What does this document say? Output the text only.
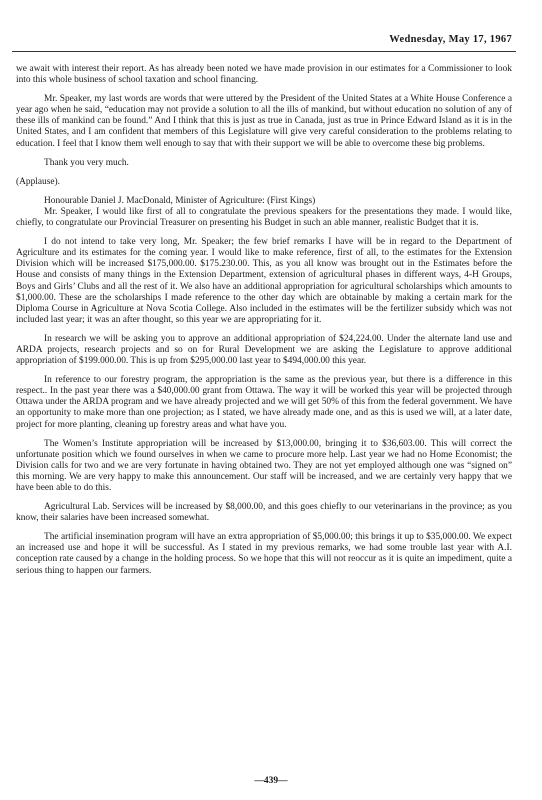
Wednesday, May 17, 1967

we await with interest their report. As has already been noted we have made provision in our estimates for a Commissioner to look into this whole business of school taxation and school financing.

Mr. Speaker, my last words are words that were uttered by the President of the United States at a White House Conference a year ago when he said, “education may not provide a solution to all the ills of mankind, but without education no solution of any of these ills of mankind can be found.” And I think that this is just as true in Canada, just as true in Prince Edward Island as it is in the United States, and I am confident that members of this Legislature will give very careful consideration to the problems relating to education. I feel that I know them well enough to say that with their support we will be able to overcome these big problems.

Thank you very much.

(Applause).

Honourable Daniel J. MacDonald, Minister of Agriculture: (First Kings)

Mr. Speaker, I would like first of all to congratulate the previous speakers for the presentations they made. I would like, chiefly, to congratulate our Provincial Treasurer on presenting his Budget in such an able manner, realistic Budget that it is.

I do not intend to take very long, Mr. Speaker; the few brief remarks I have will be in regard to the Department of Agriculture and its estimates for the coming year. I would like to make reference, first of all, to the estimates for the Extension Division which will be increased $175,000.00. $175.230.00. This, as you all know was brought out in the Estimates before the House and consists of many things in the Extension Department, extension of agricultural phases in different ways, 4-H Groups, Boys and Girls’ Clubs and all the rest of it. We also have an additional appropriation for agricultural scholarships which amounts to $1,000.00. These are the scholarships I made reference to the other day which are obtainable by making a certain mark for the Diploma Course in Agriculture at Nova Scotia College. Also included in the estimates will be the fertilizer subsidy which was not included last year; it was an after thought, so this year we are appropriating for it.

In research we will be asking you to approve an additional appropriation of $24,224.00. Under the alternate land use and ARDA projects, research projects and so on for Rural Development we are asking the Legislature to approve additional appropriation of $199.000.00. This is up from $295,000.00 last year to $494,000.00 this year.

In reference to our forestry program, the appropriation is the same as the previous year, but there is a difference in this respect.. In the past year there was a $40,000.00 grant from Ottawa. The way it will be worked this year will be projected through Ottawa under the ARDA program and we have already projected and we will get 50% of this from the federal government. We have an opportunity to make more than one projection; as I stated, we have already made one, and as this is used we will, at a later date, project for more planting, cleaning up forestry areas and what have you.

The Women’s Institute appropriation will be increased by $13,000.00, bringing it to $36,603.00. This will correct the unfortunate position which we found ourselves in when we came to procure more help. Last year we had no Home Economist; the Division calls for two and we are very fortunate in having obtained two. They are not yet employed although one was “signed on” this morning. We are very happy to make this announcement. Our staff will be increased, and we are certainly very happy that we have been able to do this.

Agricultural Lab. Services will be increased by $8,000.00, and this goes chiefly to our veterinarians in the province; as you know, their salaries have been increased somewhat.

The artificial insemination program will have an extra appropriation of $5,000.00; this brings it up to $35,000.00. We expect an increased use and hope it will be successful. As I stated in my previous remarks, we had some trouble last year with A.I. conception rate caused by a change in the holding process. So we hope that this will not reoccur as it is quite an impediment, quite a serious thing to happen our farmers.

—439—
